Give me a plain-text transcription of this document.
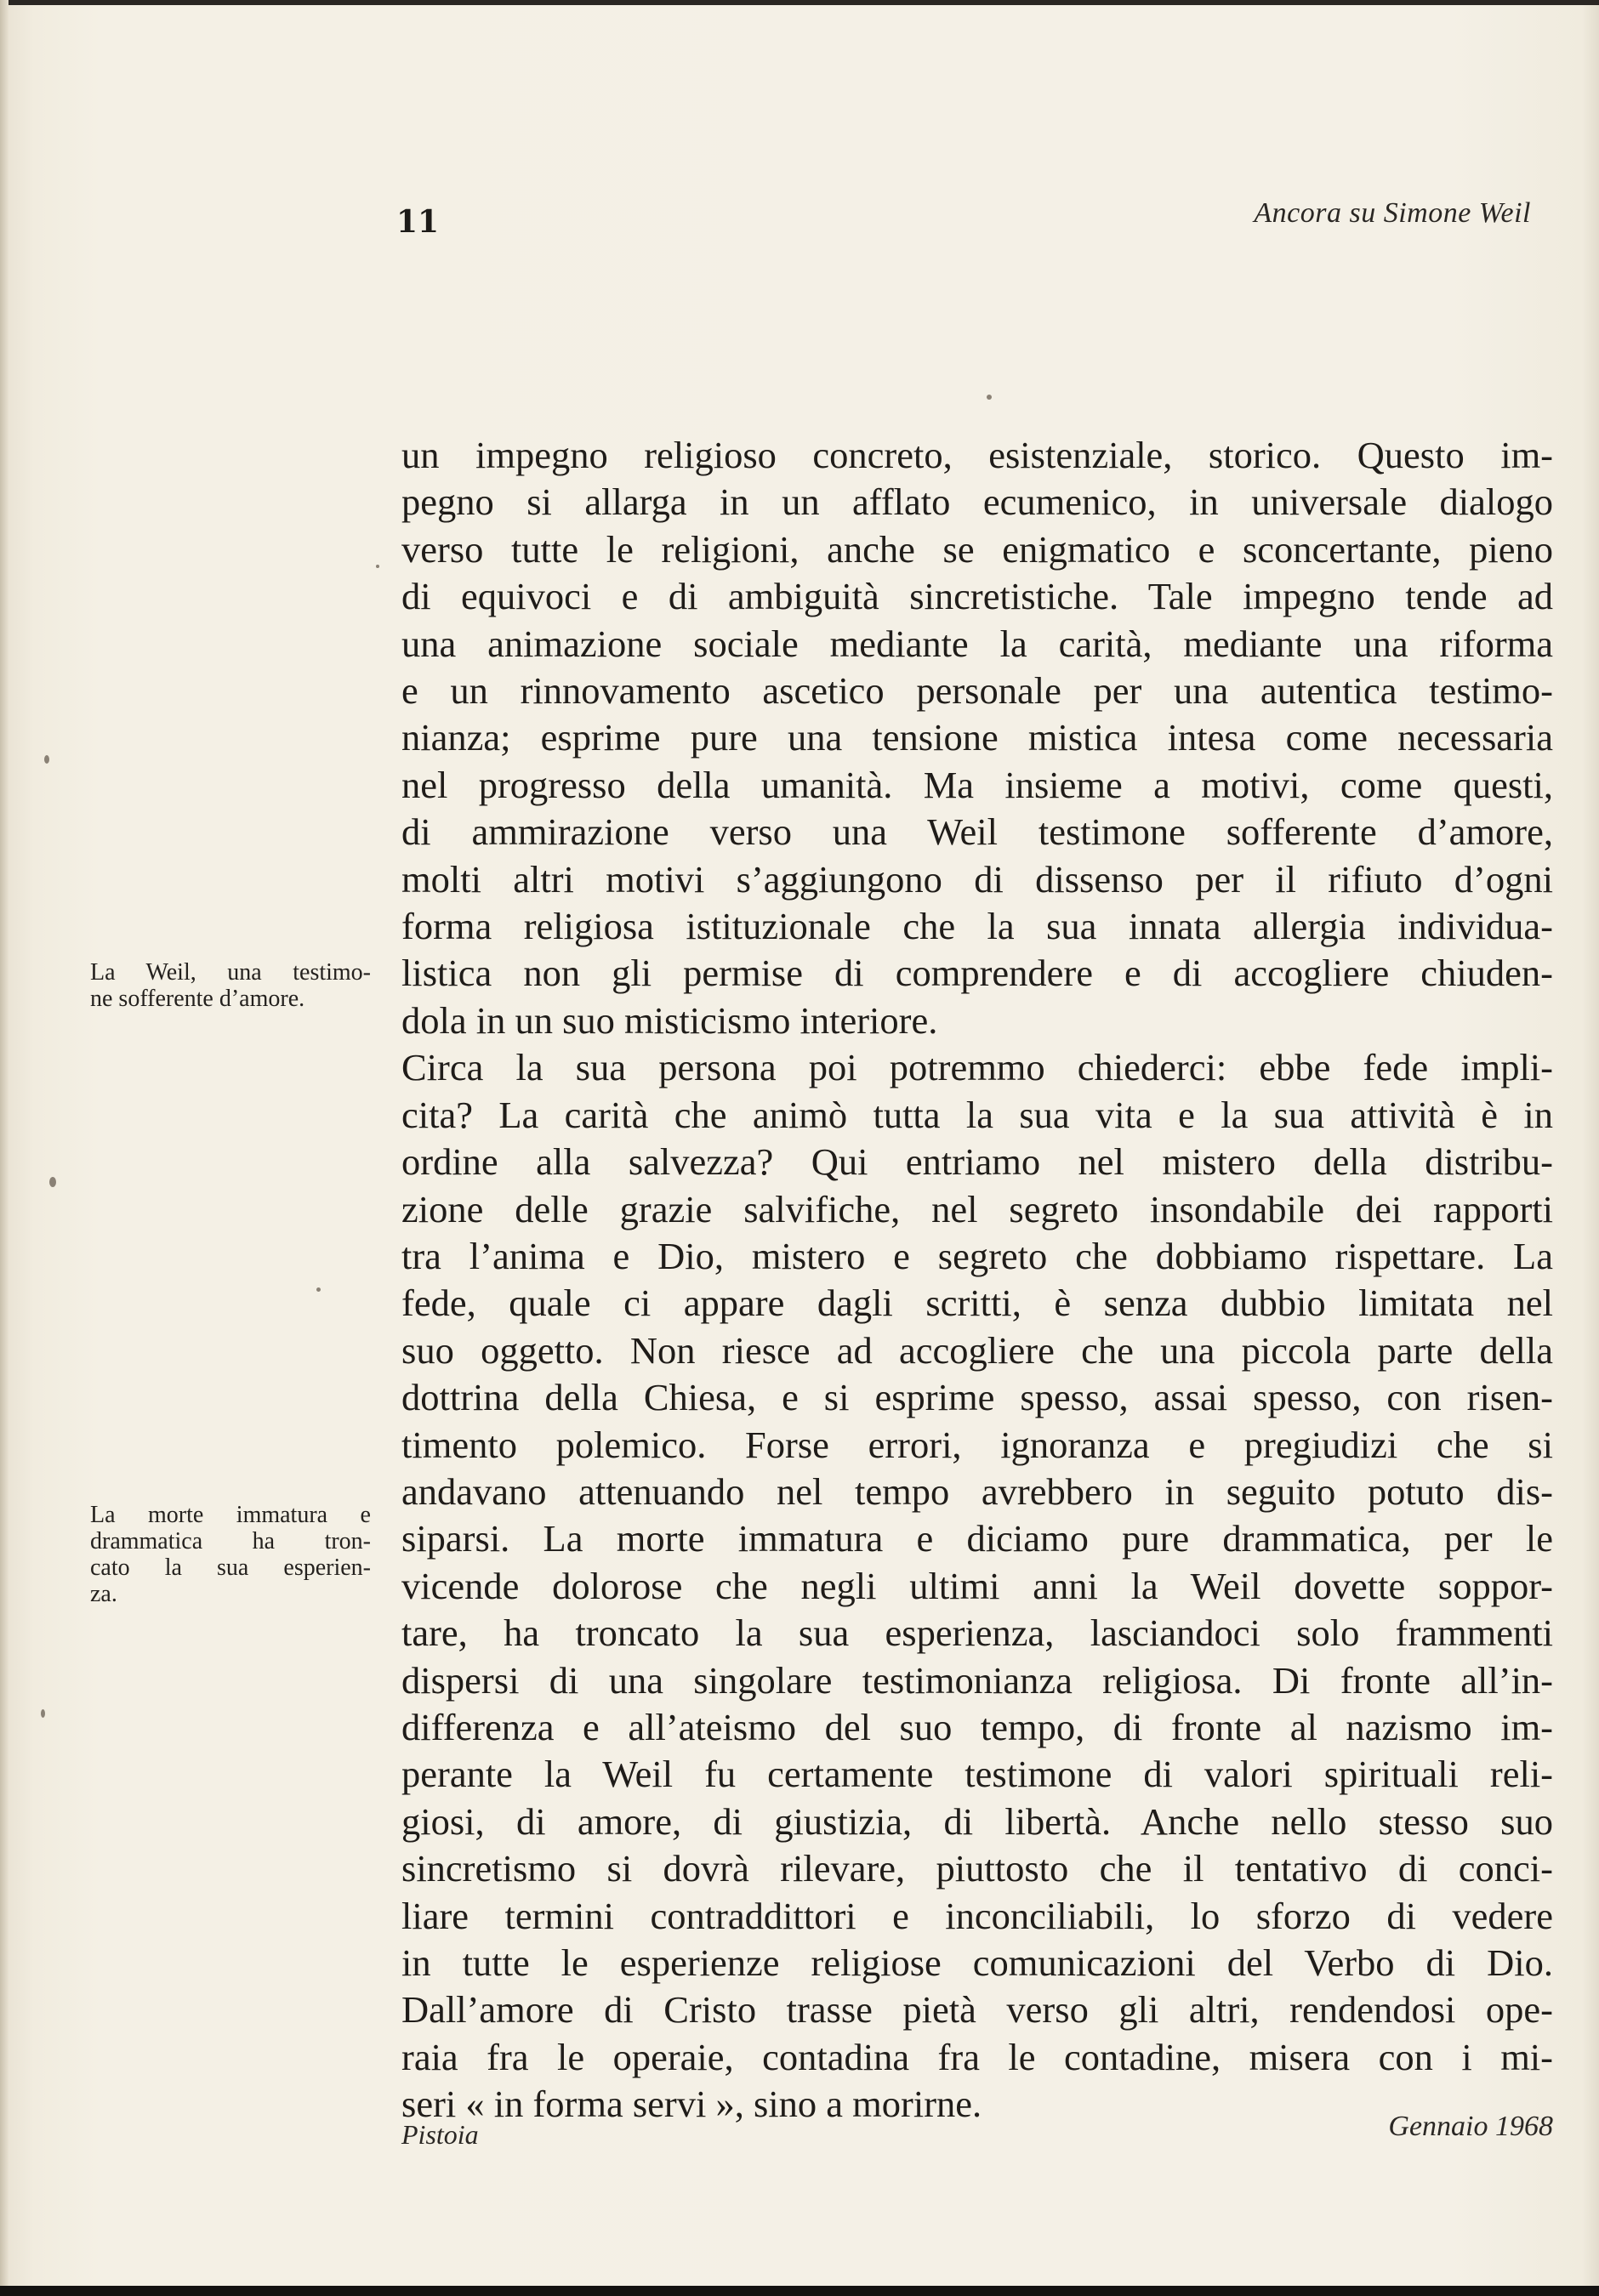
11	Ancora su Simone Weil
La Weil, una testimo-
ne sofferente d’amore.
La morte immatura e
drammatica ha tron-
cato la sua esperien-
za.
un impegno religioso concreto, esistenziale, storico. Questo im-
pegno si allarga in un afflato ecumenico, in universale dialogo
verso tutte le religioni, anche se enigmatico e sconcertante, pieno
di equivoci e di ambiguità sincretistiche. Tale impegno tende ad
una animazione sociale mediante la carità, mediante una riforma
e un rinnovamento ascetico personale per una autentica testimo-
nianza; esprime pure una tensione mistica intesa come necessaria
nel progresso della umanità. Ma insieme a motivi, come questi,
di ammirazione verso una Weil testimone sofferente d’amore,
molti altri motivi s’aggiungono di dissenso per il rifiuto d’ogni
forma religiosa istituzionale che la sua innata allergia individua-
listica non gli permise di comprendere e di accogliere chiuden-
dola in un suo misticismo interiore.
Circa la sua persona poi potremmo chiederci: ebbe fede impli-
cita? La carità che animò tutta la sua vita e la sua attività è in
ordine alla salvezza? Qui entriamo nel mistero della distribu-
zione delle grazie salvifiche, nel segreto insondabile dei rapporti
tra l’anima e Dio, mistero e segreto che dobbiamo rispettare. La
fede, quale ci appare dagli scritti, è senza dubbio limitata nel
suo oggetto. Non riesce ad accogliere che una piccola parte della
dottrina della Chiesa, e si esprime spesso, assai spesso, con risen-
timento polemico. Forse errori, ignoranza e pregiudizi che si
andavano attenuando nel tempo avrebbero in seguito potuto dis-
siparsi. La morte immatura e diciamo pure drammatica, per le
vicende dolorose che negli ultimi anni la Weil dovette soppor-
tare, ha troncato la sua esperienza, lasciandoci solo frammenti
dispersi di una singolare testimonianza religiosa. Di fronte all’in-
differenza e all’ateismo del suo tempo, di fronte al nazismo im-
perante la Weil fu certamente testimone di valori spirituali reli-
giosi, di amore, di giustizia, di libertà. Anche nello stesso suo
sincretismo si dovrà rilevare, piuttosto che il tentativo di conci-
liare termini contraddittori e inconciliabili, lo sforzo di vedere
in tutte le esperienze religiose comunicazioni del Verbo di Dio.
Dall’amore di Cristo trasse pietà verso gli altri, rendendosi ope-
raia fra le operaie, contadina fra le contadine, misera con i mi-
seri « in forma servi », sino a morirne.
Pistoia	Gennaio 1968
